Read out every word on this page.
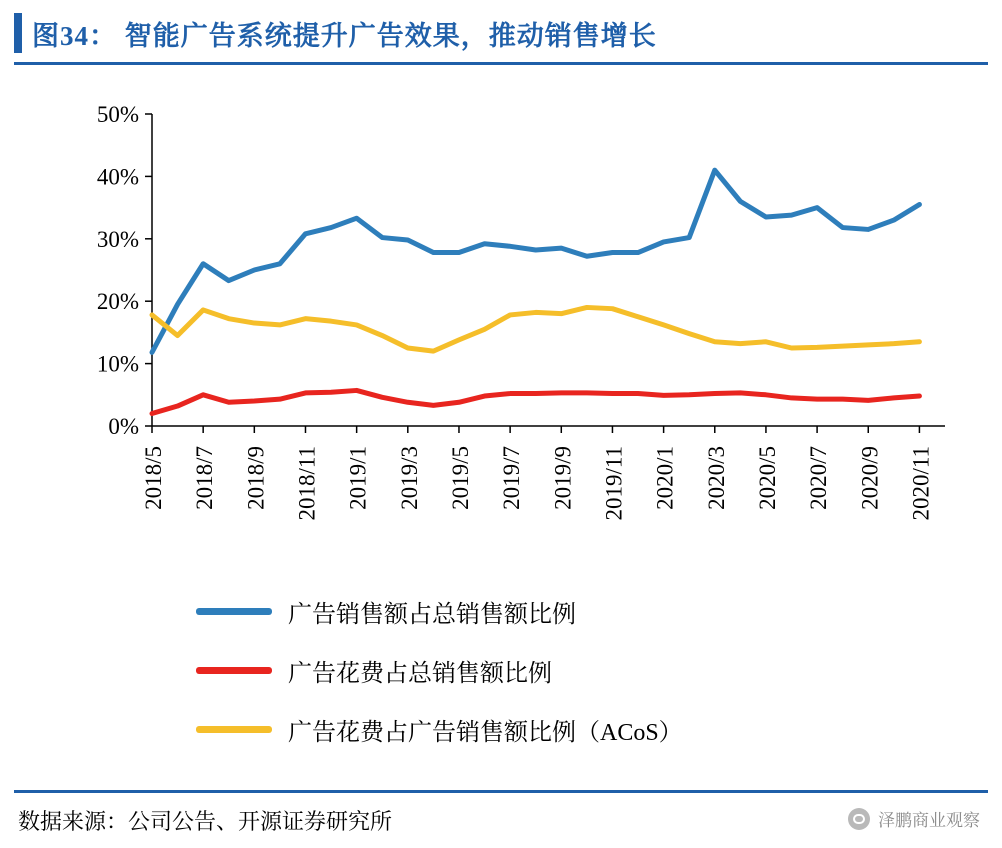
图34： 智能广告系统提升广告效果，推动销售增长
0%
10%
20%
30%
40%
50%
2018/5 2018/7 2018/9 2018/11 2019/1 2019/3 2019/5 2019/7 2019/9 2019/11 2020/1 2020/3 2020/5 2020/7 2020/9 2020/11
广告销售额占总销售额比例
广告花费占总销售额比例
广告花费占广告销售额比例（ACoS）
数据来源：公司公告、开源证券研究所	泽鹏商业观察
